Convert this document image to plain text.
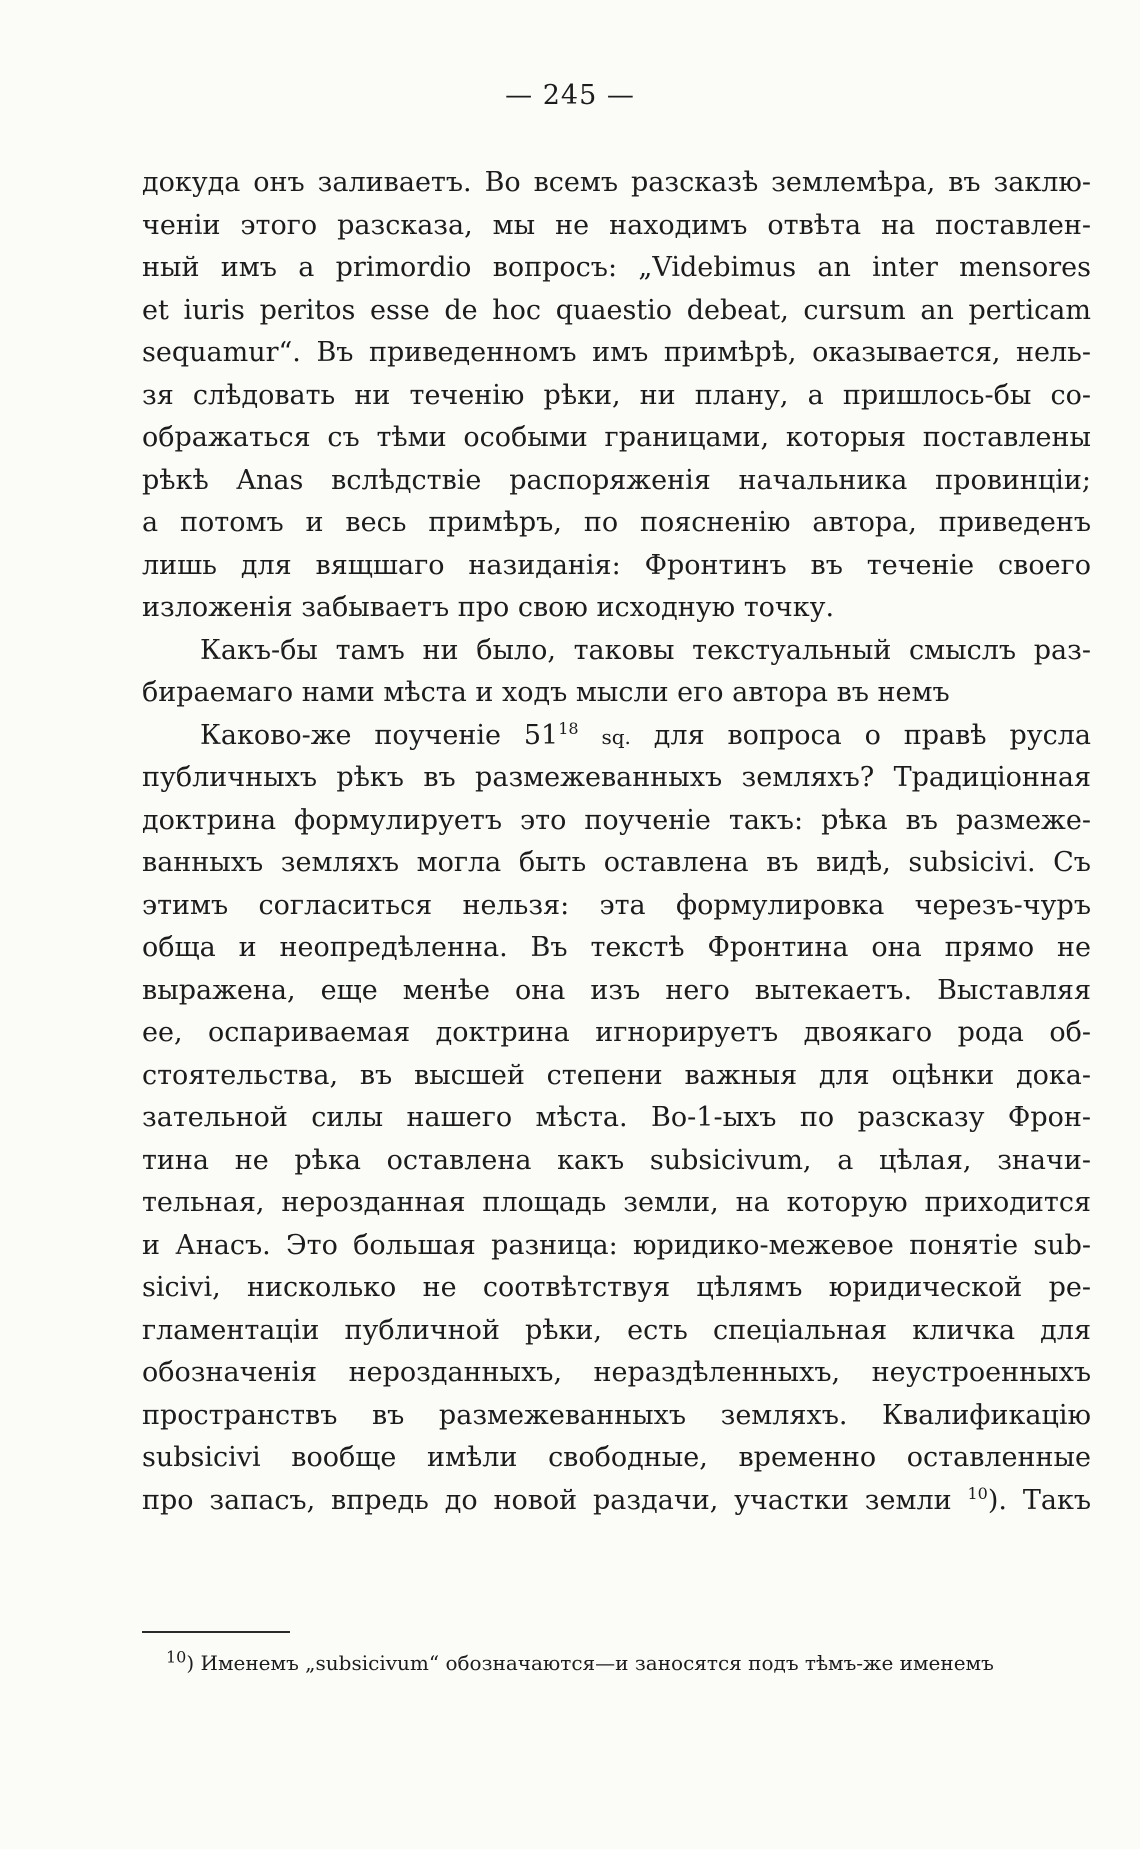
— 245 —
докуда онъ заливаетъ. Во всемъ разсказѣ землемѣра, въ заклю-
ченіи этого разсказа, мы не находимъ отвѣта на поставлен-
ный имъ a primordio вопросъ: „Videbimus an inter mensores
et iuris peritos esse de hoc quaestio debeat, cursum an perticam
sequamur“. Въ приведенномъ имъ примѣрѣ, оказывается, нель-
зя слѣдовать ни теченію рѣки, ни плану, а пришлось-бы со-
ображаться съ тѣми особыми границами, которыя поставлены
рѣкѣ Anas вслѣдствіе распоряженія начальника провинціи;
а потомъ и весь примѣръ, по поясненію автора, приведенъ
лишь для вящшаго назиданія: Фронтинъ въ теченіе своего
изложенія забываетъ про свою исходную точку.
Какъ-бы тамъ ни было, таковы текстуальный смыслъ раз-
бираемаго нами мѣста и ходъ мысли его автора въ немъ
Каково-же поученіе $51^{18}$ sq. для вопроса о правѣ русла
публичныхъ рѣкъ въ размежеванныхъ земляхъ? Традиціонная
доктрина формулируетъ это поученіе такъ: рѣка въ размеже-
ванныхъ земляхъ могла быть оставлена въ видѣ, subsicivi. Съ
этимъ согласиться нельзя: эта формулировка черезъ-чуръ
обща и неопредѣленна. Въ текстѣ Фронтина она прямо не
выражена, еще менѣе она изъ него вытекаетъ. Выставляя
ее, оспариваемая доктрина игнорируетъ двоякаго рода об-
стоятельства, въ высшей степени важныя для оцѣнки дока-
зательной силы нашего мѣста. Во-1-ыхъ по разсказу Фрон-
тина не рѣка оставлена какъ subsicivum, а цѣлая, значи-
тельная, нерозданная площадь земли, на которую приходится
и Анасъ. Это большая разница: юридико-межевое понятіе sub-
sicivi, нисколько не соотвѣтствуя цѣлямъ юридической ре-
гламентаціи публичной рѣки, есть спеціальная кличка для
обозначенія нерозданныхъ, нераздѣленныхъ, неустроенныхъ
пространствъ въ размежеванныхъ земляхъ. Квалификацію
subsicivi вообще имѣли свободные, временно оставленные
про запасъ, впредь до новой раздачи, участки земли $^{10}$). Такъ
$^{10}$) Именемъ „subsicivum“ обозначаются—и заносятся подъ тѣмъ-же именемъ
